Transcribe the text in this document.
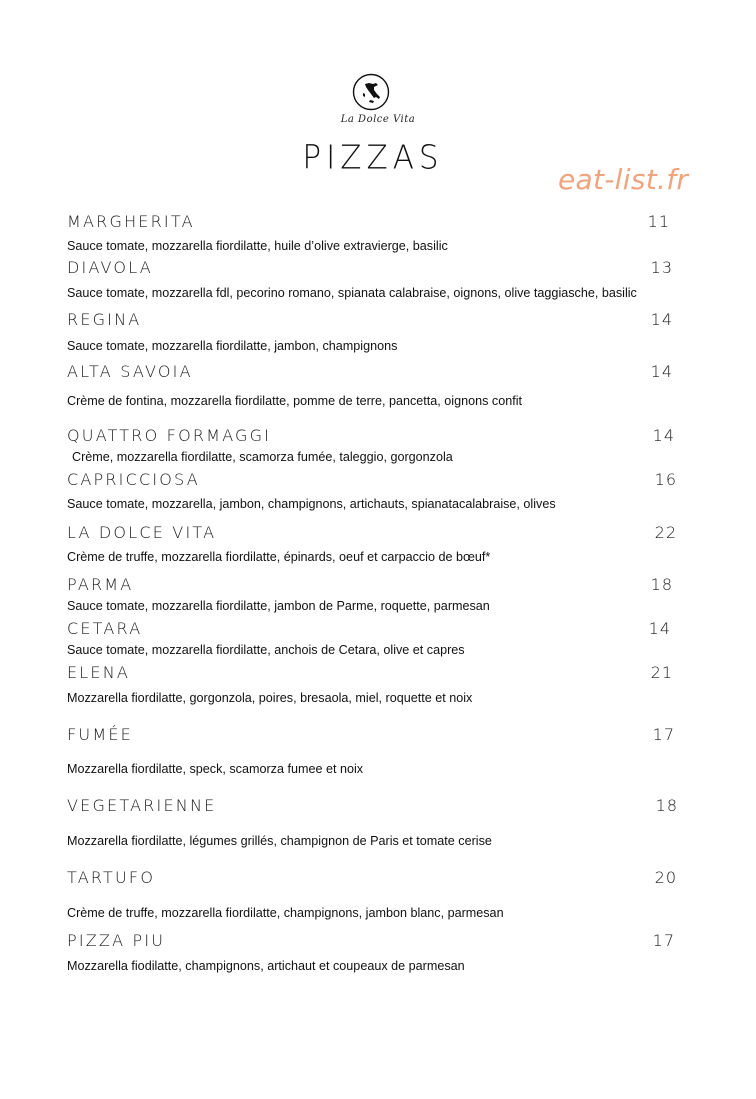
La Dolce Vita
PIZZAS
eat-list.fr
MARGHERITA	11
Sauce tomate, mozzarella fiordilatte, huile d’olive extravierge, basilic
DIAVOLA	13
Sauce tomate, mozzarella fdl, pecorino romano, spianata calabraise, oignons, olive taggiasche, basilic
REGINA	14
Sauce tomate, mozzarella fiordilatte, jambon, champignons
ALTA SAVOIA	14
Crème de fontina, mozzarella fiordilatte, pomme de terre, pancetta, oignons confit
QUATTRO FORMAGGI	14
Crème, mozzarella fiordilatte, scamorza fumée, taleggio, gorgonzola
CAPRICCIOSA	16
Sauce tomate, mozzarella, jambon, champignons, artichauts, spianatacalabraise, olives
LA DOLCE VITA	22
Crème de truffe, mozzarella fiordilatte, épinards, oeuf et carpaccio de bœuf*
PARMA	18
Sauce tomate, mozzarella fiordilatte, jambon de Parme, roquette, parmesan
CETARA	14
Sauce tomate, mozzarella fiordilatte, anchois de Cetara, olive et capres
ELENA	21
Mozzarella fiordilatte, gorgonzola, poires, bresaola, miel, roquette et noix
FUMÉE	17
Mozzarella fiordilatte, speck, scamorza fumee et noix
VEGETARIENNE	18
Mozzarella fiordilatte, légumes grillés, champignon de Paris et tomate cerise
TARTUFO	20
Crème de truffe, mozzarella fiordilatte, champignons, jambon blanc, parmesan
PIZZA PIU	17
Mozzarella fiodilatte, champignons, artichaut et coupeaux de parmesan
